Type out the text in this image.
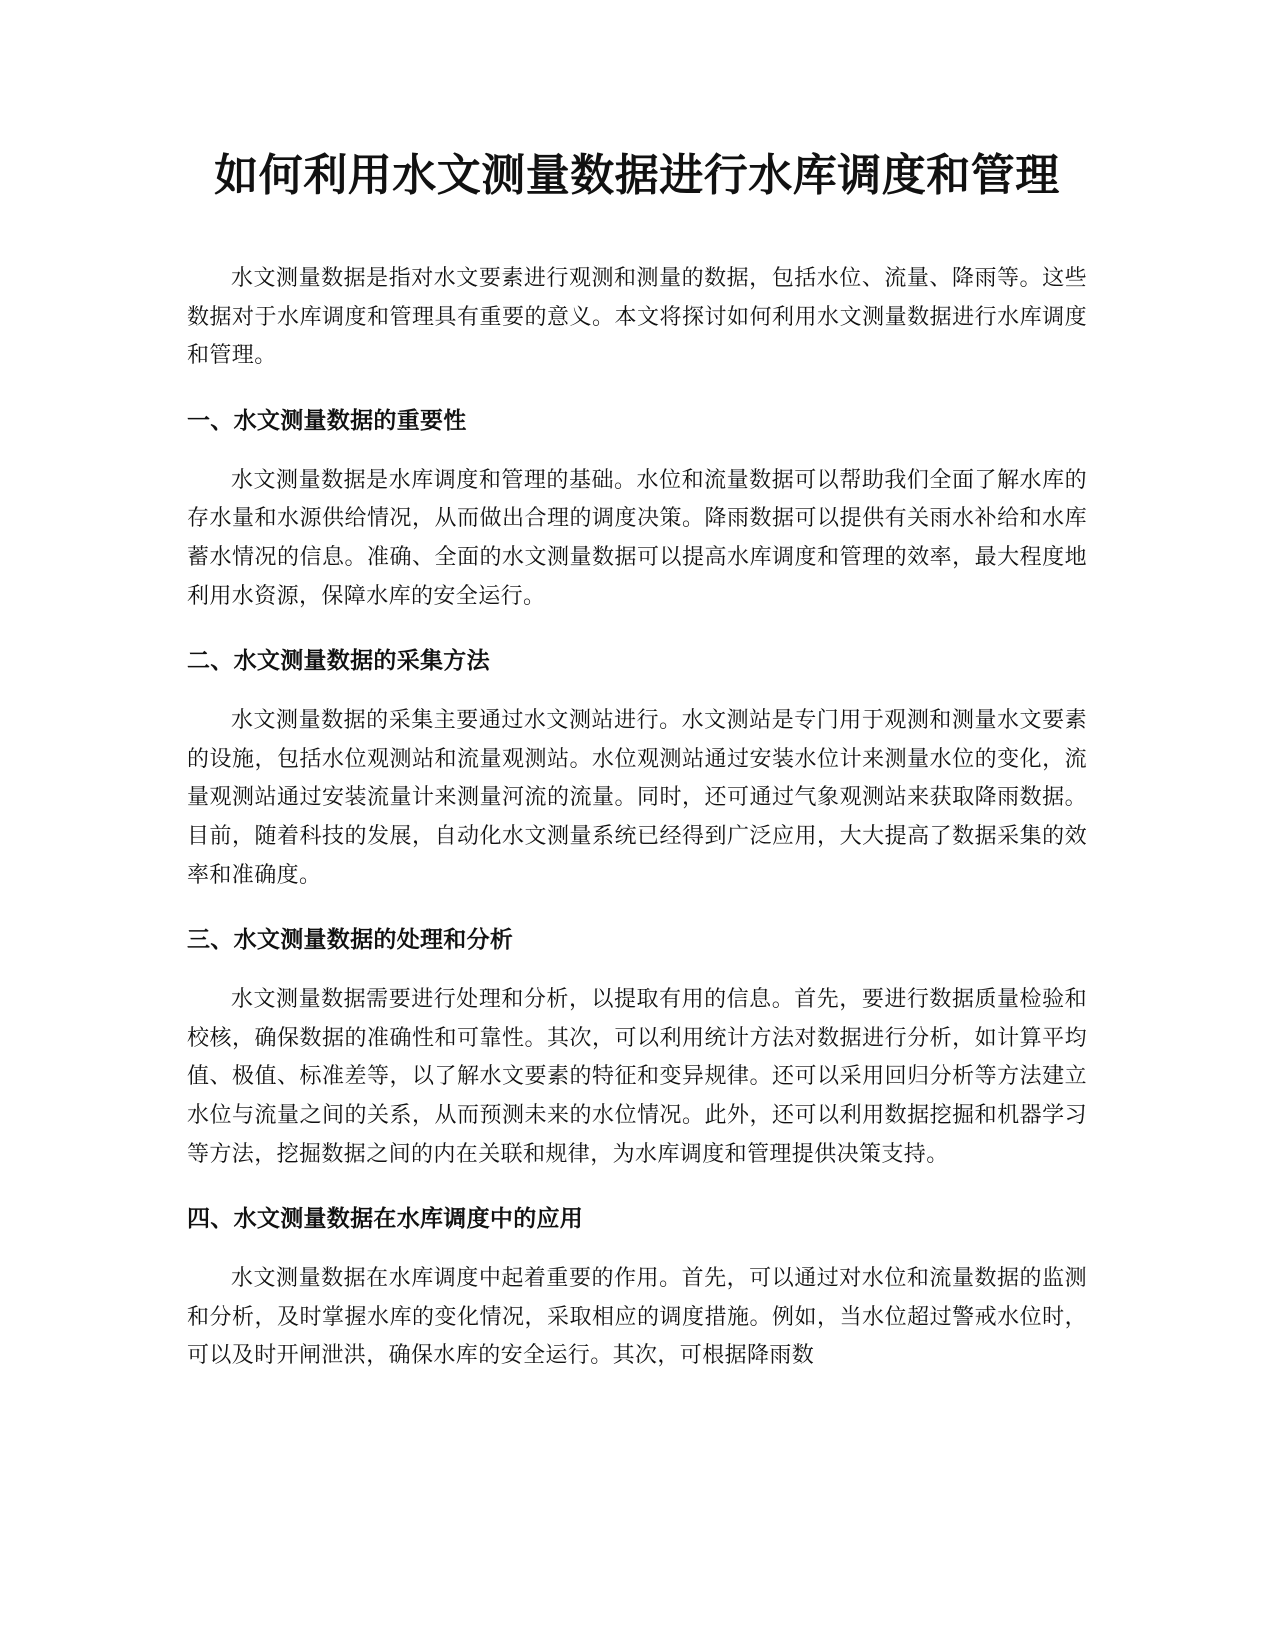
如何利用水文测量数据进行水库调度和管理

水文测量数据是指对水文要素进行观测和测量的数据，包括水位、流量、降雨等。这些数据对于水库调度和管理具有重要的意义。本文将探讨如何利用水文测量数据进行水库调度和管理。

一、水文测量数据的重要性

水文测量数据是水库调度和管理的基础。水位和流量数据可以帮助我们全面了解水库的存水量和水源供给情况，从而做出合理的调度决策。降雨数据可以提供有关雨水补给和水库蓄水情况的信息。准确、全面的水文测量数据可以提高水库调度和管理的效率，最大程度地利用水资源，保障水库的安全运行。

二、水文测量数据的采集方法

水文测量数据的采集主要通过水文测站进行。水文测站是专门用于观测和测量水文要素的设施，包括水位观测站和流量观测站。水位观测站通过安装水位计来测量水位的变化，流量观测站通过安装流量计来测量河流的流量。同时，还可通过气象观测站来获取降雨数据。目前，随着科技的发展，自动化水文测量系统已经得到广泛应用，大大提高了数据采集的效率和准确度。

三、水文测量数据的处理和分析

水文测量数据需要进行处理和分析，以提取有用的信息。首先，要进行数据质量检验和校核，确保数据的准确性和可靠性。其次，可以利用统计方法对数据进行分析，如计算平均值、极值、标准差等，以了解水文要素的特征和变异规律。还可以采用回归分析等方法建立水位与流量之间的关系，从而预测未来的水位情况。此外，还可以利用数据挖掘和机器学习等方法，挖掘数据之间的内在关联和规律，为水库调度和管理提供决策支持。

四、水文测量数据在水库调度中的应用

水文测量数据在水库调度中起着重要的作用。首先，可以通过对水位和流量数据的监测和分析，及时掌握水库的变化情况，采取相应的调度措施。例如，当水位超过警戒水位时，可以及时开闸泄洪，确保水库的安全运行。其次，可根据降雨数
